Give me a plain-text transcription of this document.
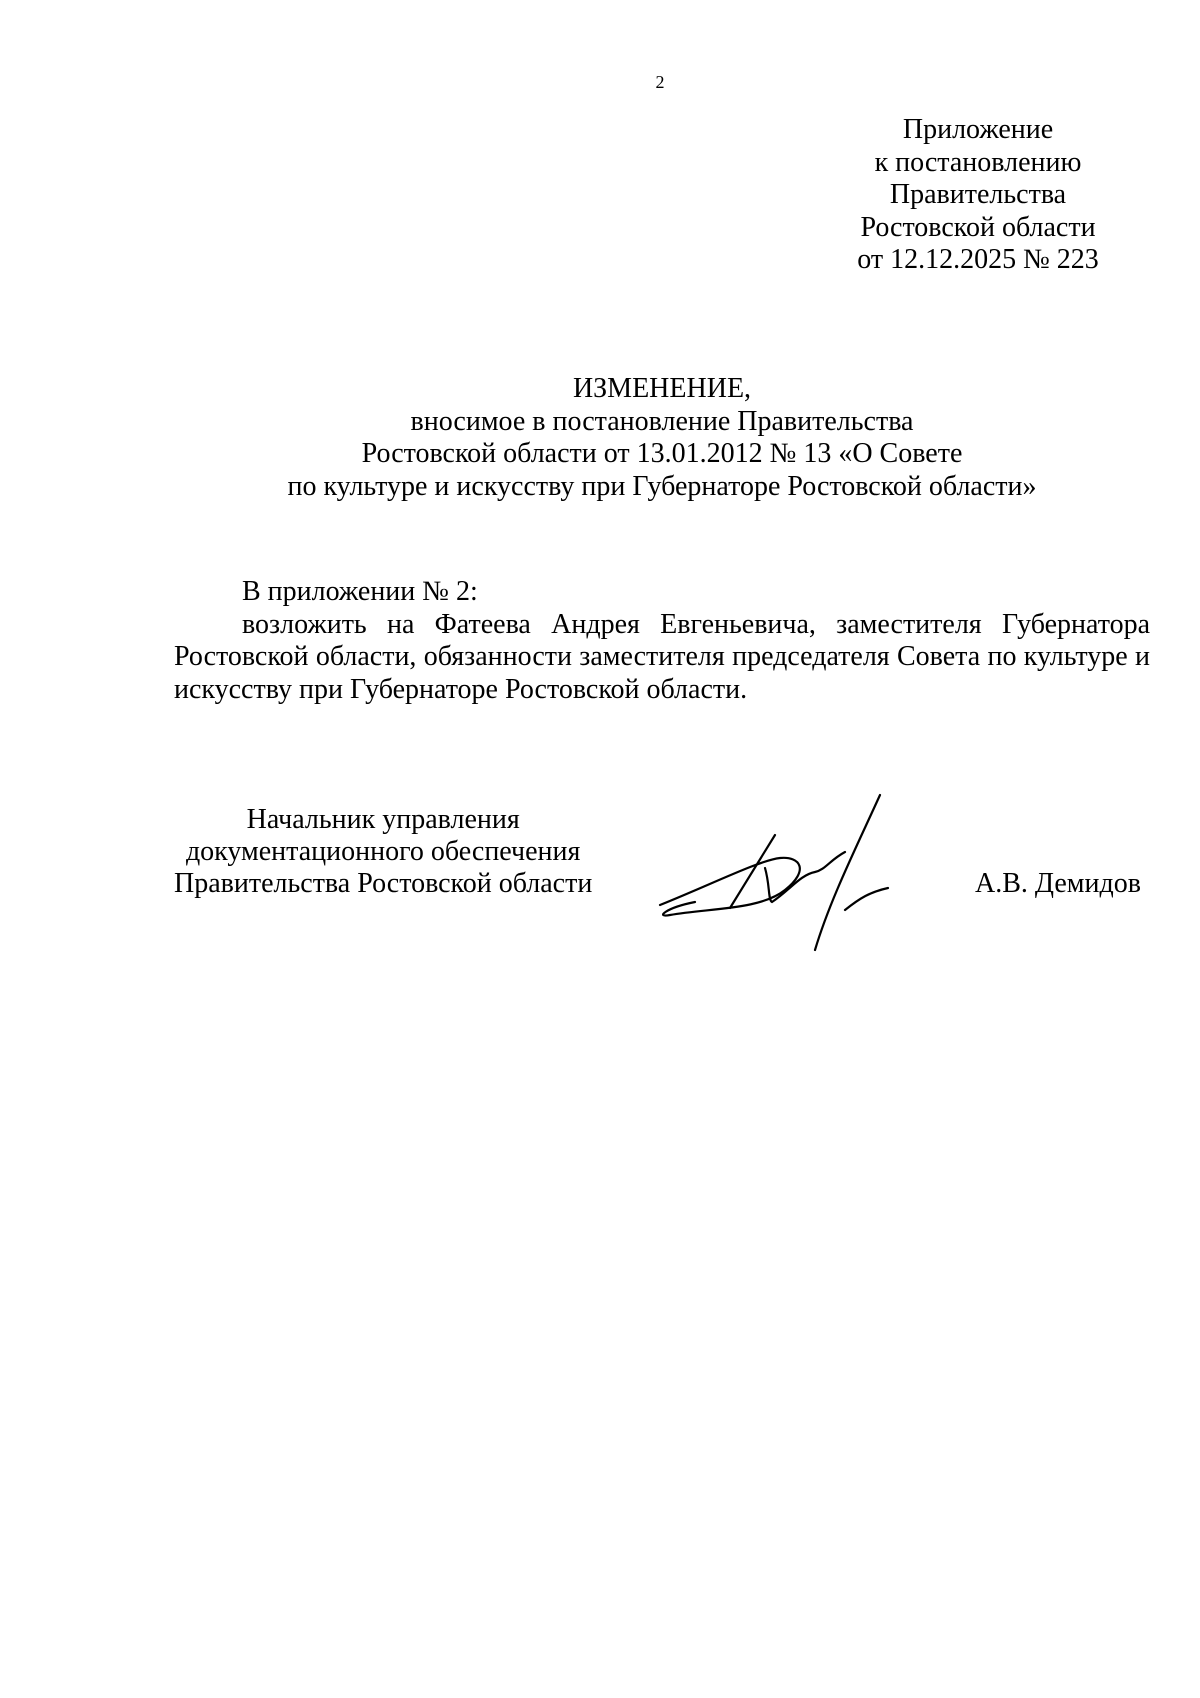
2
Приложение
к постановлению
Правительства
Ростовской области
от 12.12.2025 № 223
ИЗМЕНЕНИЕ,
вносимое в постановление Правительства
Ростовской области от 13.01.2012 № 13 «О Совете
по культуре и искусству при Губернаторе Ростовской области»

В приложении № 2:

возложить на Фатеева Андрея Евгеньевича, заместителя Губернатора Ростовской области, обязанности заместителя председателя Совета по культуре и искусству при Губернаторе Ростовской области.

Начальник управления
документационного обеспечения
Правительства Ростовской области	А.В. Демидов
